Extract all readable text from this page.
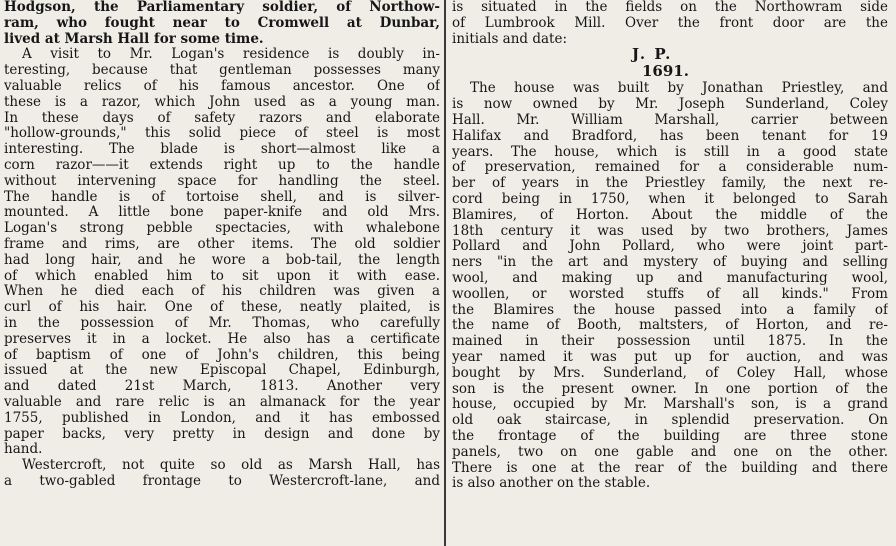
Hodgson, the Parliamentary soldier, of Northow-
ram, who fought near to Cromwell at Dunbar,
lived at Marsh Hall for some time.
A visit to Mr. Logan's residence is doubly in-
teresting, because that gentleman possesses many
valuable relics of his famous ancestor. One of
these is a razor, which John used as a young man.
In these days of safety razors and elaborate
"hollow-grounds," this solid piece of steel is most
interesting. The blade is short—almost like a
corn razor——it extends right up to the handle
without intervening space for handling the steel.
The handle is of tortoise shell, and is silver-
mounted. A little bone paper-knife and old Mrs.
Logan's strong pebble spectacies, with whalebone
frame and rims, are other items. The old soldier
had long hair, and he wore a bob-tail, the length
of which enabled him to sit upon it with ease.
When he died each of his children was given a
curl of his hair. One of these, neatly plaited, is
in the possession of Mr. Thomas, who carefully
preserves it in a locket. He also has a certificate
of baptism of one of John's children, this being
issued at the new Episcopal Chapel, Edinburgh,
and dated 21st March, 1813. Another very
valuable and rare relic is an almanack for the year
1755, published in London, and it has embossed
paper backs, very pretty in design and done by
hand.
Westercroft, not quite so old as Marsh Hall, has
a two-gabled frontage to Westercroft-lane, and
is situated in the fields on the Northowram side
of Lumbrook Mill. Over the front door are the
initials and date:
J. P.
1691.
The house was built by Jonathan Priestley, and
is now owned by Mr. Joseph Sunderland, Coley
Hall. Mr. William Marshall, carrier between
Halifax and Bradford, has been tenant for 19
years. The house, which is still in a good state
of preservation, remained for a considerable num-
ber of years in the Priestley family, the next re-
cord being in 1750, when it belonged to Sarah
Blamires, of Horton. About the middle of the
18th century it was used by two brothers, James
Pollard and John Pollard, who were joint part-
ners "in the art and mystery of buying and selling
wool, and making up and manufacturing wool,
woollen, or worsted stuffs of all kinds." From
the Blamires the house passed into a family of
the name of Booth, maltsters, of Horton, and re-
mained in their possession until 1875. In the
year named it was put up for auction, and was
bought by Mrs. Sunderland, of Coley Hall, whose
son is the present owner. In one portion of the
house, occupied by Mr. Marshall's son, is a grand
old oak staircase, in splendid preservation. On
the frontage of the building are three stone
panels, two on one gable and one on the other.
There is one at the rear of the building and there
is also another on the stable.
